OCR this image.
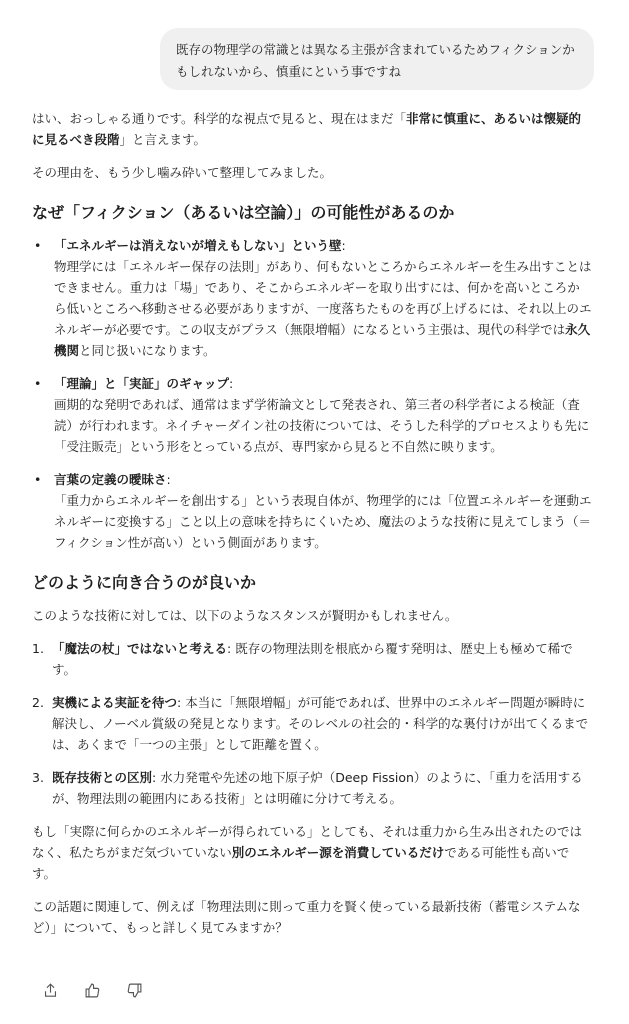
既存の物理学の常識とは異なる主張が含まれているためフィクションかもしれないから、慎重にという事ですね

はい、おっしゃる通りです。科学的な視点で見ると、現在はまだ「非常に慎重に、あるいは懐疑的に見るべき段階」と言えます。

その理由を、もう少し噛み砕いて整理してみました。

なぜ「フィクション（あるいは空論）」の可能性があるのか
• 「エネルギーは消えないが増えもしない」という壁:
物理学には「エネルギー保存の法則」があり、何もないところからエネルギーを生み出すことはできません。重力は「場」であり、そこからエネルギーを取り出すには、何かを高いところから低いところへ移動させる必要がありますが、一度落ちたものを再び上げるには、それ以上のエネルギーが必要です。この収支がプラス（無限増幅）になるという主張は、現代の科学では永久機関と同じ扱いになります。
• 「理論」と「実証」のギャップ:
画期的な発明であれば、通常はまず学術論文として発表され、第三者の科学者による検証（査読）が行われます。ネイチャーダイン社の技術については、そうした科学的プロセスよりも先に「受注販売」という形をとっている点が、専門家から見ると不自然に映ります。
• 言葉の定義の曖昧さ:
「重力からエネルギーを創出する」という表現自体が、物理学的には「位置エネルギーを運動エネルギーに変換する」こと以上の意味を持ちにくいため、魔法のような技術に見えてしまう（＝フィクション性が高い）という側面があります。
どのように向き合うのが良いか

このような技術に対しては、以下のようなスタンスが賢明かもしれません。

1. 「魔法の杖」ではないと考える: 既存の物理法則を根底から覆す発明は、歴史上も極めて稀です。
2. 実機による実証を待つ: 本当に「無限増幅」が可能であれば、世界中のエネルギー問題が瞬時に解決し、ノーベル賞級の発見となります。そのレベルの社会的・科学的な裏付けが出てくるまでは、あくまで「一つの主張」として距離を置く。
3. 既存技術との区別: 水力発電や先述の地下原子炉（Deep Fission）のように、「重力を活用するが、物理法則の範囲内にある技術」とは明確に分けて考える。

もし「実際に何らかのエネルギーが得られている」としても、それは重力から生み出されたのではなく、私たちがまだ気づいていない別のエネルギー源を消費しているだけである可能性も高いです。

この話題に関連して、例えば「物理法則に則って重力を賢く使っている最新技術（蓄電システムなど）」について、もっと詳しく見てみますか？
